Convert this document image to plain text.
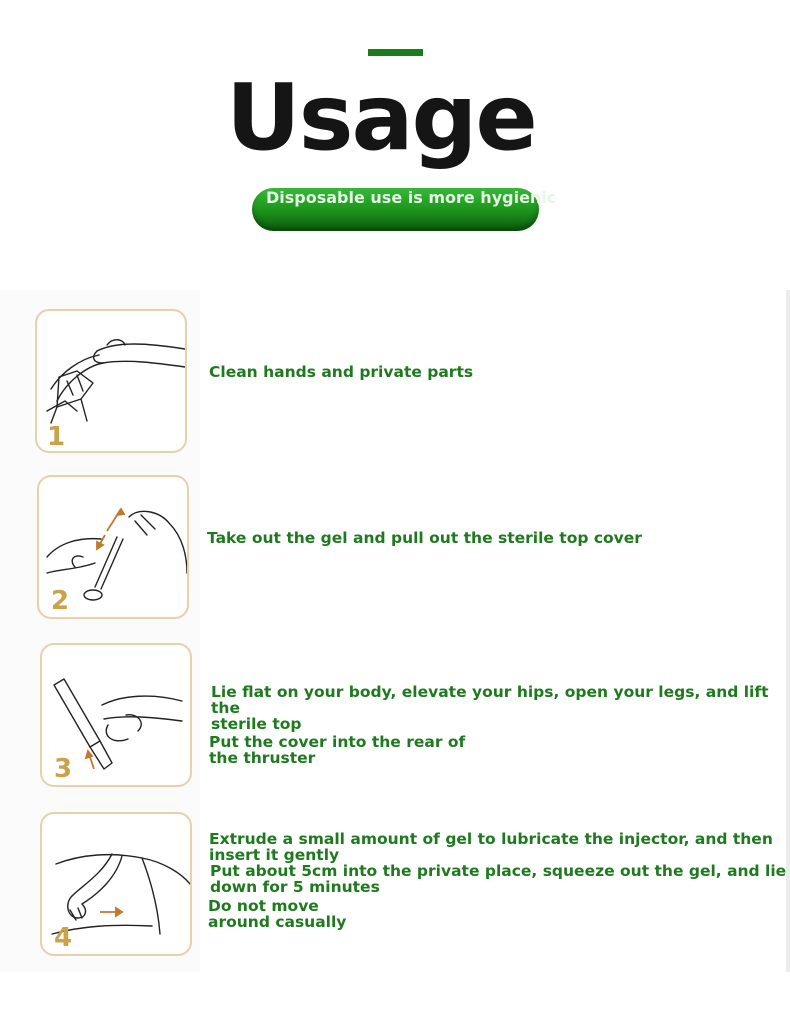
Usage
Disposable use is more hygienic
1
Clean hands and private parts
2
Take out the gel and pull out the sterile top cover
3
Lie flat on your body, elevate your hips, open your legs, and lift the
sterile top
Put the cover into the rear of
the thruster
4
Extrude a small amount of gel to lubricate the injector, and then
insert it gently
Put about 5cm into the private place, squeeze out the gel, and lie
down for 5 minutes
Do not move
around casually
